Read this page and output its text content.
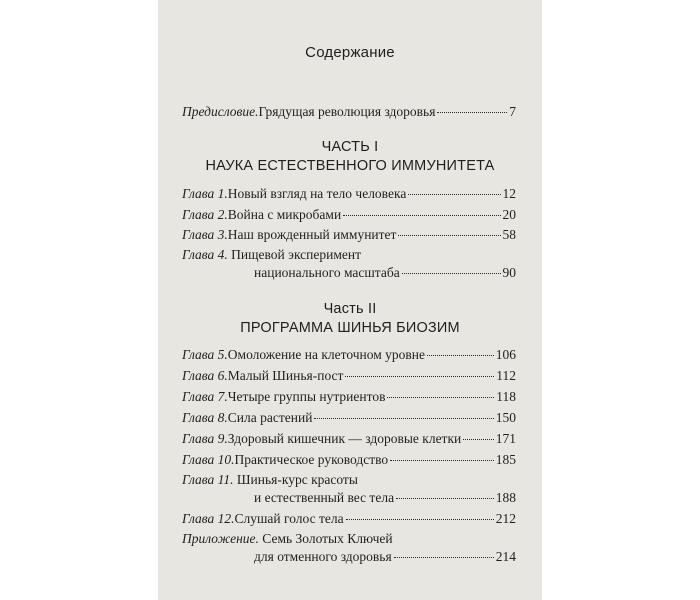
Содержание
Предисловие. Грядущая революция здоровья	7
ЧАСТЬ I
НАУКА ЕСТЕСТВЕННОГО ИММУНИТЕТА
Глава 1. Новый взгляд на тело человека	12
Глава 2. Война с микробами	20
Глава 3. Наш врожденный иммунитет	58
Глава 4. Пищевой эксперимент
национального масштаба	90
Часть II
ПРОГРАММА ШИНЬЯ БИОЗИМ
Глава 5. Омоложение на клеточном уровне	106
Глава 6. Малый Шинья-пост	112
Глава 7. Четыре группы нутриентов	118
Глава 8. Сила растений	150
Глава 9. Здоровый кишечник — здоровые клетки	171
Глава 10. Практическое руководство	185
Глава 11. Шинья-курс красоты
и естественный вес тела	188
Глава 12. Слушай голос тела	212
Приложение. Семь Золотых Ключей
для отменного здоровья	214
